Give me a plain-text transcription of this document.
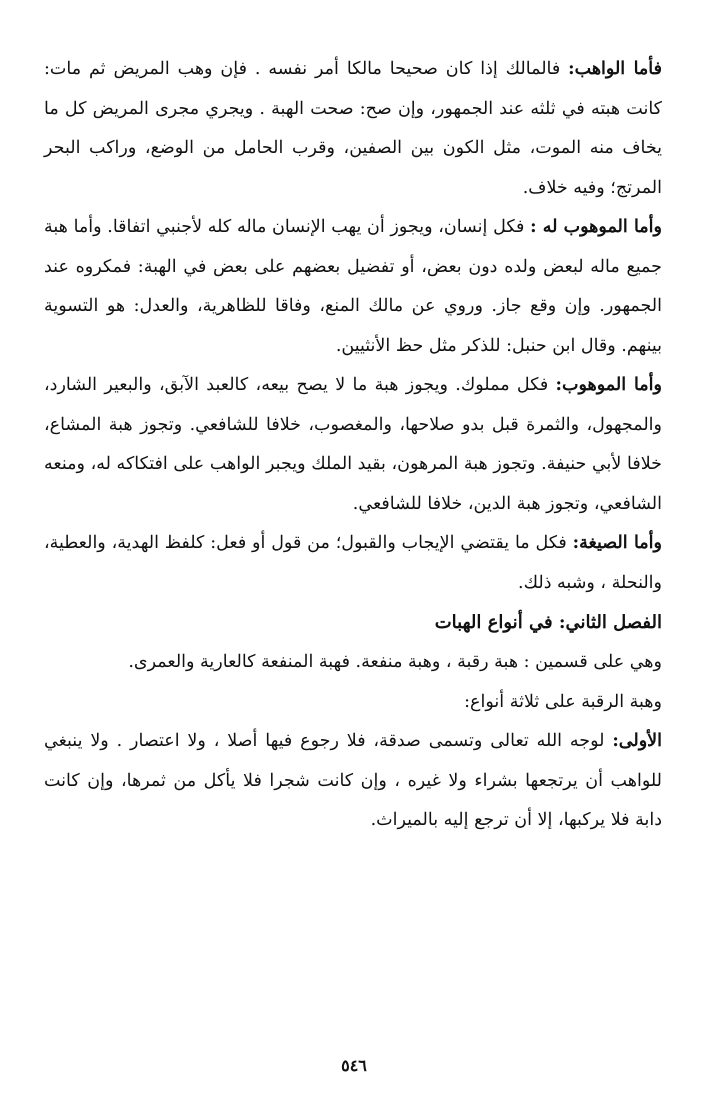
فأما الواهب: فالمالك إذا كان صحيحا مالكا أمر نفسه . فإن وهب المريض ثم مات: كانت هبته في ثلثه عند الجمهور، وإن صح: صحت الهبة . ويجري مجرى المريض كل ما يخاف منه الموت، مثل الكون بين الصفين، وقرب الحامل من الوضع، وراكب البحر المرتج؛ وفيه خلاف.

وأما الموهوب له : فكل إنسان، ويجوز أن يهب الإنسان ماله كله لأجنبي اتفاقا. وأما هبة جميع ماله لبعض ولده دون بعض، أو تفضيل بعضهم على بعض في الهبة: فمكروه عند الجمهور. وإن وقع جاز. وروي عن مالك المنع، وفاقا للظاهرية، والعدل: هو التسوية بينهم. وقال ابن حنبل: للذكر مثل حظ الأنثيين.

وأما الموهوب: فكل مملوك. ويجوز هبة ما لا يصح بيعه، كالعبد الآبق، والبعير الشارد، والمجهول، والثمرة قبل بدو صلاحها، والمغصوب، خلافا للشافعي. وتجوز هبة المشاع، خلافا لأبي حنيفة. وتجوز هبة المرهون، بقيد الملك ويجبر الواهب على افتكاكه له، ومنعه الشافعي، وتجوز هبة الدين، خلافا للشافعي.

وأما الصيغة: فكل ما يقتضي الإيجاب والقبول؛ من قول أو فعل: كلفظ الهدية، والعطية، والنحلة ، وشبه ذلك.

الفصل الثاني: في أنواع الهبات

وهي على قسمين : هبة رقبة ، وهبة منفعة. فهبة المنفعة كالعارية والعمرى.

وهبة الرقبة على ثلاثة أنواع:

الأولى: لوجه الله تعالى وتسمى صدقة، فلا رجوع فيها أصلا ، ولا اعتصار . ولا ينبغي للواهب أن يرتجعها بشراء ولا غيره ، وإن كانت شجرا فلا يأكل من ثمرها، وإن كانت دابة فلا يركبها، إلا أن ترجع إليه بالميراث.

٥٤٦
